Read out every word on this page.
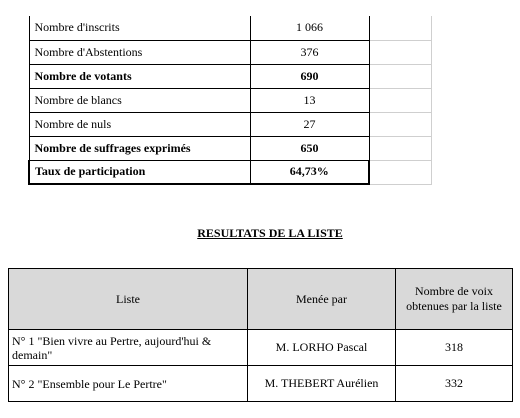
Nombre d'inscrits	1 066	
Nombre d'Abstentions	376	
Nombre de votants	690	
Nombre de blancs	13	
Nombre de nuls	27	
Nombre de suffrages exprimés	650	
Taux de participation	64,73%	
RESULTATS DE LA LISTE
Liste	Menée par	Nombre de voix obtenues par la liste
N° 1 "Bien vivre au Pertre, aujourd'hui & demain"	M. LORHO Pascal	318
N° 2 "Ensemble pour Le Pertre"	M. THEBERT Aurélien	332
